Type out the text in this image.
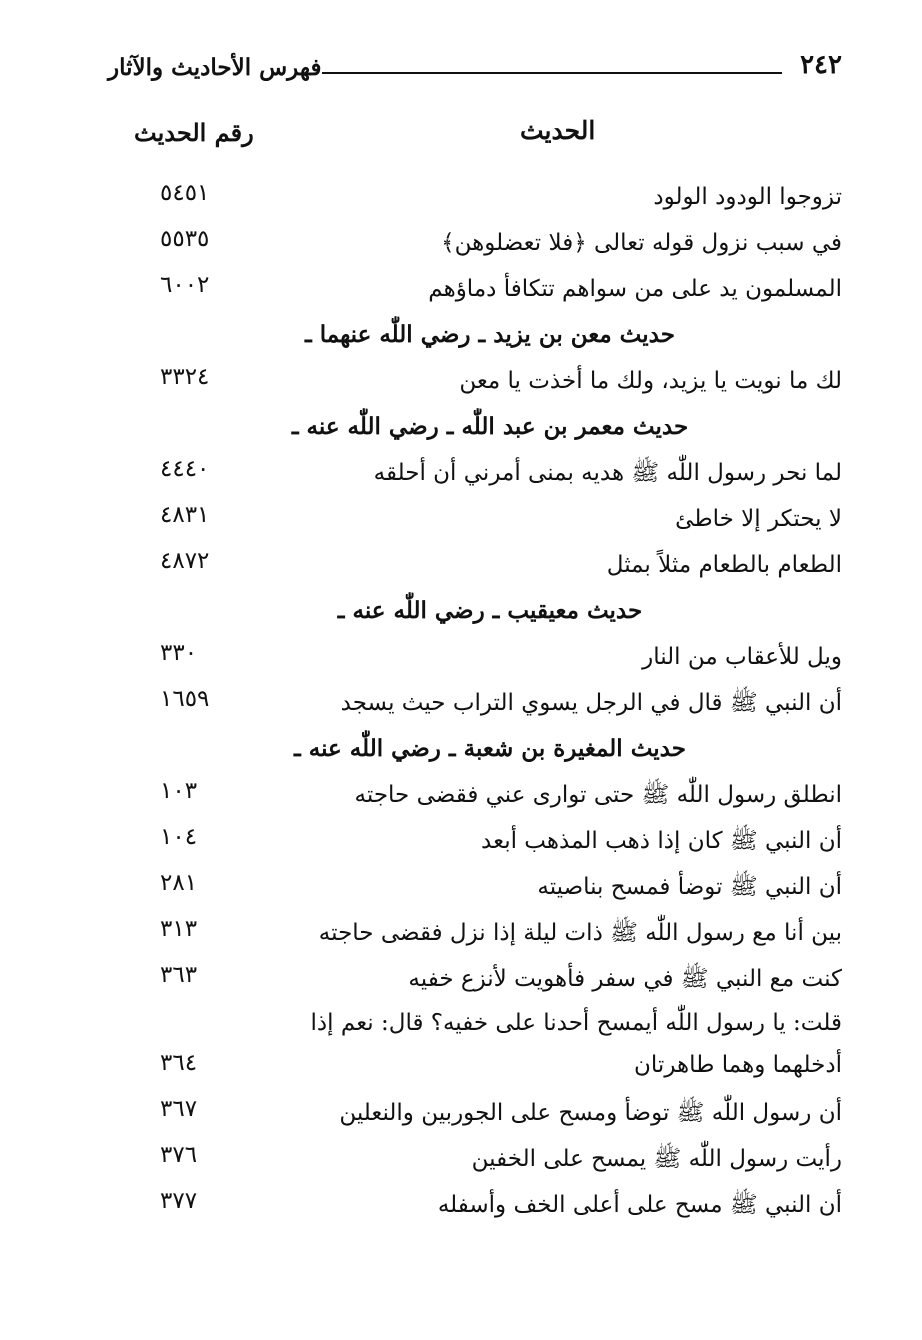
فهرس الأحاديث والآثار	٢٤٢
رقم الحديث	الحديث
تزوجوا الودود الولود
٥٤٥١
في سبب نزول قوله تعالى ﴿فلا تعضلوهن﴾
٥٥٣٥
المسلمون يد على من سواهم تتكافأ دماؤهم
٦٠٠٢
حديث معن بن يزيد ـ رضي اللّٰه عنهما ـ
لك ما نويت يا يزيد، ولك ما أخذت يا معن
٣٣٢٤
حديث معمر بن عبد اللّٰه ـ رضي اللّٰه عنه ـ
لما نحر رسول اللّٰه ﷺ هديه بمنى أمرني أن أحلقه
٤٤٤٠
لا يحتكر إلا خاطئ
٤٨٣١
الطعام بالطعام مثلاً بمثل
٤٨٧٢
حديث معيقيب ـ رضي اللّٰه عنه ـ
ويل للأعقاب من النار
٣٣٠
أن النبي ﷺ قال في الرجل يسوي التراب حيث يسجد
١٦٥٩
حديث المغيرة بن شعبة ـ رضي اللّٰه عنه ـ
انطلق رسول اللّٰه ﷺ حتى توارى عني فقضى حاجته
١٠٣
أن النبي ﷺ كان إذا ذهب المذهب أبعد
١٠٤
أن النبي ﷺ توضأ فمسح بناصيته
٢٨١
بين أنا مع رسول اللّٰه ﷺ ذات ليلة إذا نزل فقضى حاجته
٣١٣
كنت مع النبي ﷺ في سفر فأهويت لأنزع خفيه
٣٦٣
قلت: يا رسول اللّٰه أيمسح أحدنا على خفيه؟ قال: نعم إذا أدخلهما وهما طاهرتان
٣٦٤
أن رسول اللّٰه ﷺ توضأ ومسح على الجوربين والنعلين
٣٦٧
رأيت رسول اللّٰه ﷺ يمسح على الخفين
٣٧٦
أن النبي ﷺ مسح على أعلى الخف وأسفله
٣٧٧
